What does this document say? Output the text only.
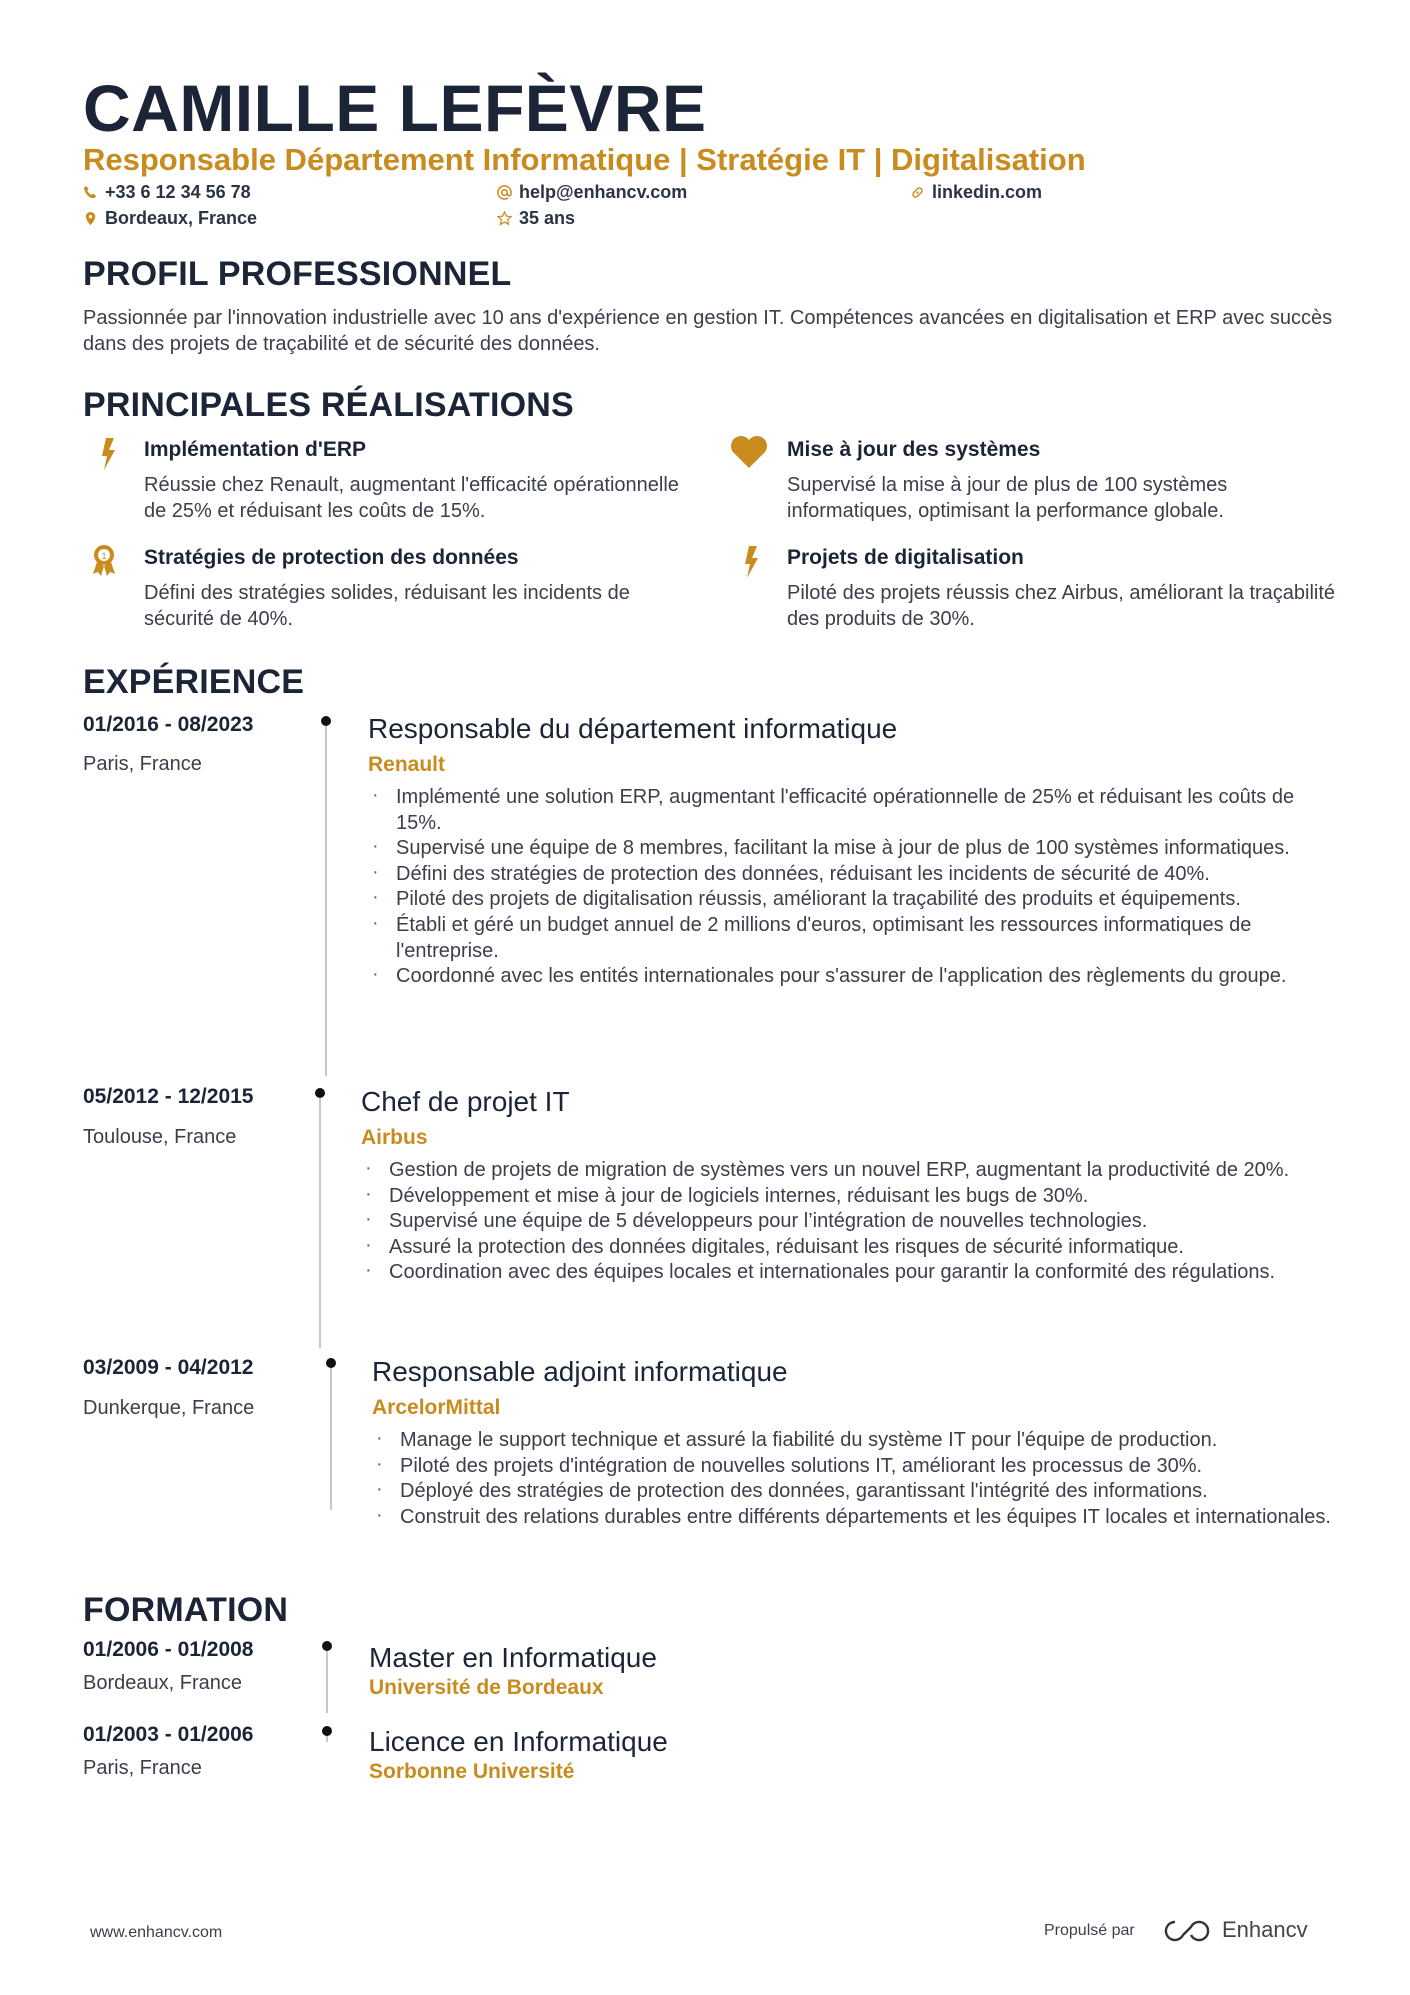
CAMILLE LEFÈVRE
Responsable Département Informatique | Stratégie IT | Digitalisation
+33 6 12 34 56 78	help@enhancv.com	linkedin.com
Bordeaux, France	35 ans
PROFIL PROFESSIONNEL
Passionnée par l'innovation industrielle avec 10 ans d'expérience en gestion IT. Compétences avancées en digitalisation et ERP avec succès dans des projets de traçabilité et de sécurité des données.
PRINCIPALES RÉALISATIONS
Implémentation d'ERP
Réussie chez Renault, augmentant l'efficacité opérationnelle de 25% et réduisant les coûts de 15%.
Mise à jour des systèmes
Supervisé la mise à jour de plus de 100 systèmes informatiques, optimisant la performance globale.
1 Stratégies de protection des données
Défini des stratégies solides, réduisant les incidents de sécurité de 40%.
Projets de digitalisation
Piloté des projets réussis chez Airbus, améliorant la traçabilité des produits de 30%.
EXPÉRIENCE
01/2016 - 08/2023
Paris, France
Responsable du département informatique
Renault
· Implémenté une solution ERP, augmentant l'efficacité opérationnelle de 25% et réduisant les coûts de 15%.
· Supervisé une équipe de 8 membres, facilitant la mise à jour de plus de 100 systèmes informatiques.
· Défini des stratégies de protection des données, réduisant les incidents de sécurité de 40%.
· Piloté des projets de digitalisation réussis, améliorant la traçabilité des produits et équipements.
· Établi et géré un budget annuel de 2 millions d'euros, optimisant les ressources informatiques de l'entreprise.
· Coordonné avec les entités internationales pour s'assurer de l'application des règlements du groupe.
05/2012 - 12/2015
Toulouse, France
Chef de projet IT
Airbus
· Gestion de projets de migration de systèmes vers un nouvel ERP, augmentant la productivité de 20%.
· Développement et mise à jour de logiciels internes, réduisant les bugs de 30%.
· Supervisé une équipe de 5 développeurs pour l’intégration de nouvelles technologies.
· Assuré la protection des données digitales, réduisant les risques de sécurité informatique.
· Coordination avec des équipes locales et internationales pour garantir la conformité des régulations.
03/2009 - 04/2012
Dunkerque, France
Responsable adjoint informatique
ArcelorMittal
· Manage le support technique et assuré la fiabilité du système IT pour l'équipe de production.
· Piloté des projets d'intégration de nouvelles solutions IT, améliorant les processus de 30%.
· Déployé des stratégies de protection des données, garantissant l'intégrité des informations.
· Construit des relations durables entre différents départements et les équipes IT locales et internationales.
FORMATION
01/2006 - 01/2008
Bordeaux, France
Master en Informatique
Université de Bordeaux
01/2003 - 01/2006
Paris, France
Licence en Informatique
Sorbonne Université
www.enhancv.com	Propulsé par	Enhancv
